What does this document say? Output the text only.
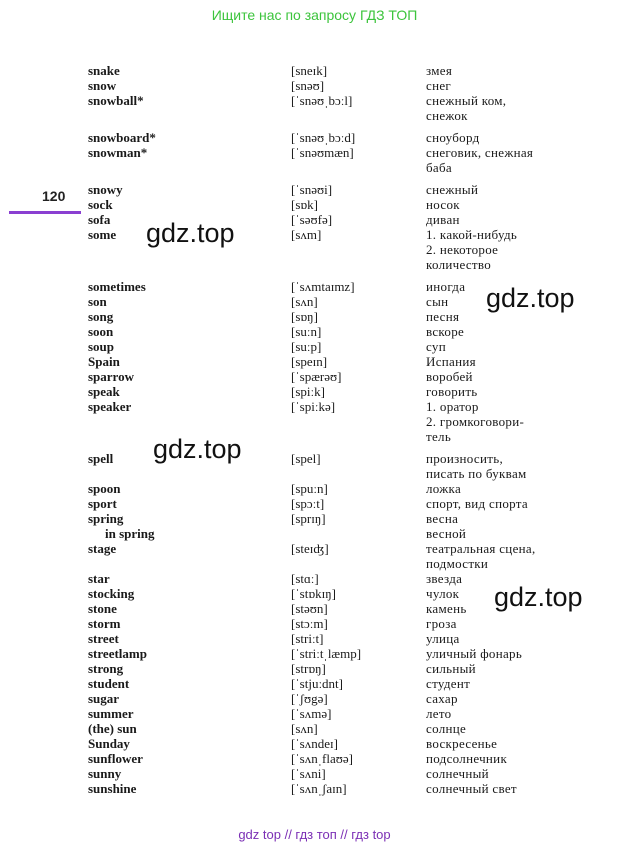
Ищите нас по запросу ГДЗ ТОП
120
snake	[sneɪk]	змея
snow	[snəʊ]	снег
snowball*	[ˈsnəʊˌbɔːl]	снежный ком,
снежок
snowboard*	[ˈsnəʊˌbɔːd]	сноуборд
snowman*	[ˈsnəʊmæn]	снеговик, снежная
баба
snowy	[ˈsnəʊi]	снежный
sock	[sɒk]	носок
sofa	[ˈsəʊfə]	диван
some	[sʌm]	1. какой-нибудь
2. некоторое
количество
sometimes	[ˈsʌmtaɪmz]	иногда
son	[sʌn]	сын
song	[sɒŋ]	песня
soon	[suːn]	вскоре
soup	[suːp]	суп
Spain	[speɪn]	Испания
sparrow	[ˈspærəʊ]	воробей
speak	[spiːk]	говорить
speaker	[ˈspiːkə]	1. оратор
2. громкоговори-
тель
spell	[spel]	произносить,
писать по буквам
spoon	[spuːn]	ложка
sport	[spɔːt]	спорт, вид спорта
spring	[sprɪŋ]	весна
in spring	весной
stage	[steɪʤ]	театральная сцена,
подмостки
star	[stɑː]	звезда
stocking	[ˈstɒkɪŋ]	чулок
stone	[stəʊn]	камень
storm	[stɔːm]	гроза
street	[striːt]	улица
streetlamp	[ˈstriːtˌlæmp]	уличный фонарь
strong	[strɒŋ]	сильный
student	[ˈstjuːdnt]	студент
sugar	[ˈʃʊgə]	сахар
summer	[ˈsʌmə]	лето
(the) sun	[sʌn]	солнце
Sunday	[ˈsʌndeɪ]	воскресенье
sunflower	[ˈsʌnˌflaʊə]	подсолнечник
sunny	[ˈsʌni]	солнечный
sunshine	[ˈsʌnˌʃaɪn]	солнечный свет
gdz.top
gdz.top
gdz.top
gdz.top
gdz top // гдз топ // гдз top
